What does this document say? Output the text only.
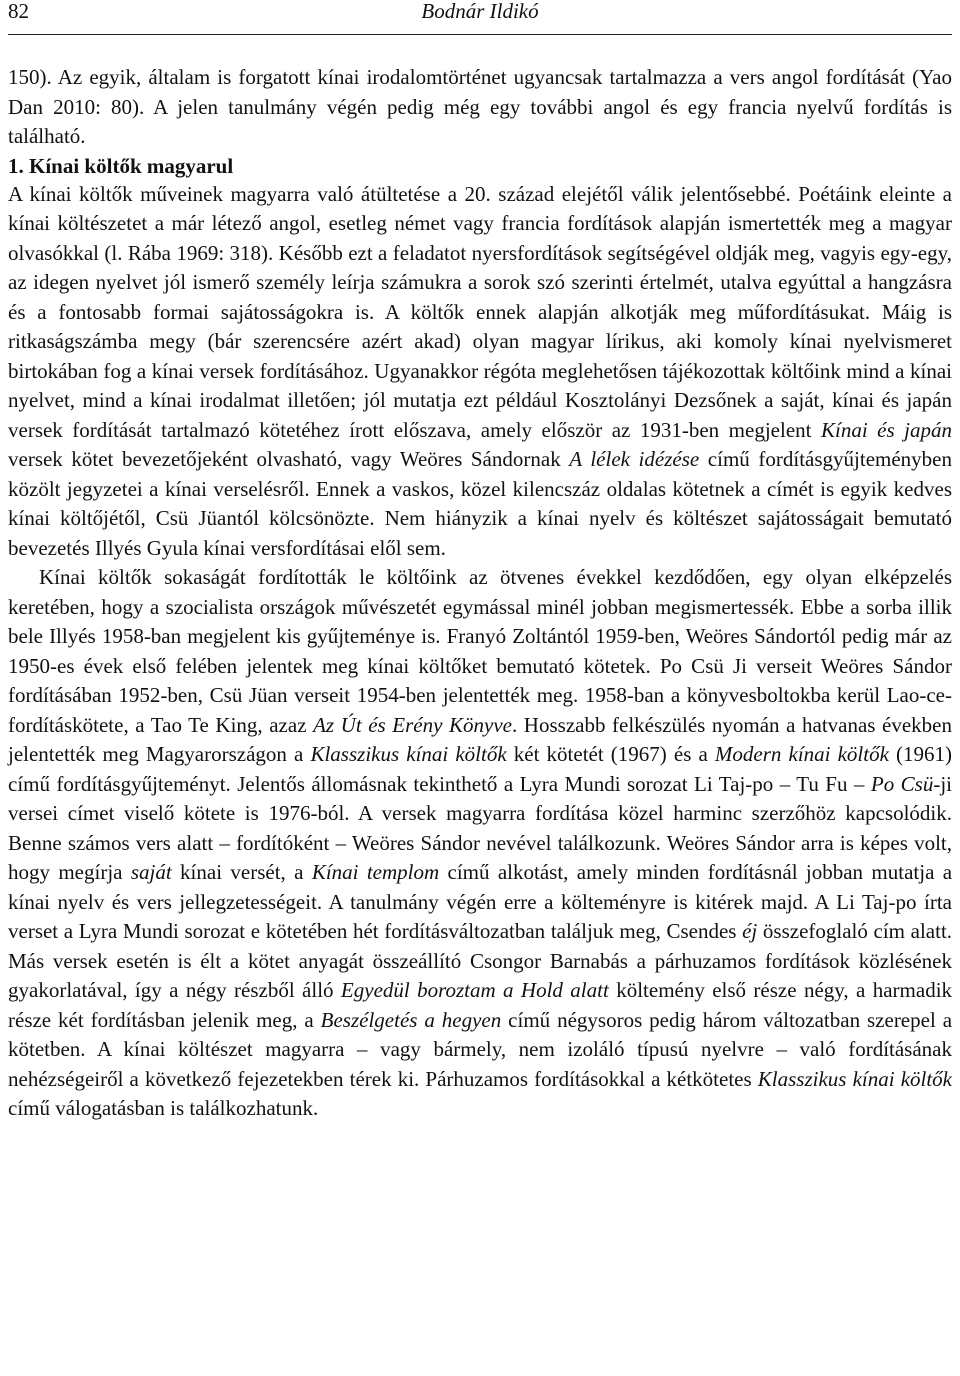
82	Bodnár Ildikó

150). Az egyik, általam is forgatott kínai irodalomtörténet ugyancsak tartalmazza a vers angol fordítását (Yao Dan 2010: 80). A jelen tanulmány végén pedig még egy további angol és egy francia nyelvű fordítás is található.

1. Kínai költők magyarul

A kínai költők műveinek magyarra való átültetése a 20. század elejétől válik jelentősebbé. Poétáink eleinte a kínai költészetet a már létező angol, esetleg német vagy francia fordítások alapján ismertették meg a magyar olvasókkal (l. Rába 1969: 318). Később ezt a feladatot nyersfordítások segítségével oldják meg, vagyis egy-egy, az idegen nyelvet jól ismerő személy leírja számukra a sorok szó szerinti értelmét, utalva egyúttal a hangzásra és a fontosabb formai sajátosságokra is. A költők ennek alapján alkotják meg műfordításukat. Máig is ritkaságszámba megy (bár szerencsére azért akad) olyan magyar lírikus, aki komoly kínai nyelvismeret birtokában fog a kínai versek fordításához. Ugyanakkor régóta meglehetősen tájékozottak költőink mind a kínai nyelvet, mind a kínai irodalmat illetően; jól mutatja ezt például Kosztolányi Dezsőnek a saját, kínai és japán versek fordítását tartalmazó kötetéhez írott előszava, amely először az 1931-ben megjelent Kínai és japán versek kötet bevezetőjeként olvasható, vagy Weöres Sándornak A lélek idézése című fordításgyűjteményben közölt jegyzetei a kínai verselésről. Ennek a vaskos, közel kilencszáz oldalas kötetnek a címét is egyik kedves kínai költőjétől, Csü Jüantól kölcsönözte. Nem hiányzik a kínai nyelv és költészet sajátosságait bemutató bevezetés Illyés Gyula kínai versfordításai elől sem.

Kínai költők sokaságát fordították le költőink az ötvenes évekkel kezdődően, egy olyan elképzelés keretében, hogy a szocialista országok művészetét egymással minél jobban megismertessék. Ebbe a sorba illik bele Illyés 1958-ban megjelent kis gyűjteménye is. Franyó Zoltántól 1959-ben, Weöres Sándortól pedig már az 1950-es évek első felében jelentek meg kínai költőket bemutató kötetek. Po Csü Ji verseit Weöres Sándor fordításában 1952-ben, Csü Jüan verseit 1954-ben jelentették meg. 1958-ban a könyvesboltokba kerül Lao-ce-fordításkötete, a Tao Te King, azaz Az Út és Erény Könyve. Hosszabb felkészülés nyomán a hatvanas években jelentették meg Magyarországon a Klasszikus kínai költők két kötetét (1967) és a Modern kínai költők (1961) című fordításgyűjteményt. Jelentős állomásnak tekinthető a Lyra Mundi sorozat Li Taj-po – Tu Fu – Po Csü-ji versei címet viselő kötete is 1976-ból. A versek magyarra fordítása közel harminc szerzőhöz kapcsolódik. Benne számos vers alatt – fordítóként – Weöres Sándor nevével találkozunk. Weöres Sándor arra is képes volt, hogy megírja saját kínai versét, a Kínai templom című alkotást, amely minden fordításnál jobban mutatja a kínai nyelv és vers jellegzetességeit. A tanulmány végén erre a költeményre is kitérek majd. A Li Taj-po írta verset a Lyra Mundi sorozat e kötetében hét fordításváltozatban találjuk meg, Csendes éj összefoglaló cím alatt. Más versek esetén is élt a kötet anyagát összeállító Csongor Barnabás a párhuzamos fordítások közlésének gyakorlatával, így a négy részből álló Egyedül boroztam a Hold alatt költemény első része négy, a harmadik része két fordításban jelenik meg, a Beszélgetés a hegyen című négysoros pedig három változatban szerepel a kötetben. A kínai költészet magyarra – vagy bármely, nem izoláló típusú nyelvre – való fordításának nehézségeiről a következő fejezetekben térek ki. Párhuzamos fordításokkal a kétkötetes Klasszikus kínai költők című válogatásban is találkozhatunk.
